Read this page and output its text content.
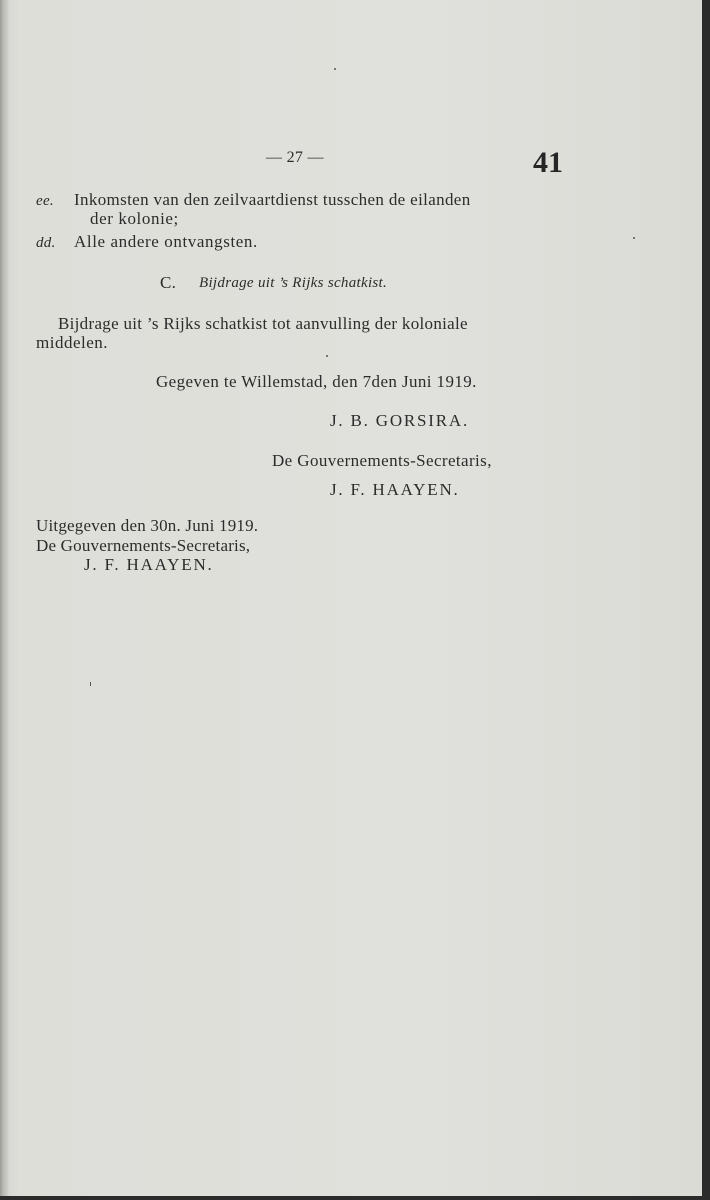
— 27 —	41
ee. Inkomsten van den zeilvaartdienst tusschen de eilanden
der kolonie;
dd. Alle andere ontvangsten.
C. Bijdrage uit ’s Rijks schatkist.
Bijdrage uit ’s Rijks schatkist tot aanvulling der koloniale
middelen.
Gegeven te Willemstad, den 7den Juni 1919.
J. B. GORSIRA.
De Gouvernements-Secretaris,
J. F. HAAYEN.
Uitgegeven den 30n. Juni 1919.
De Gouvernements-Secretaris,
J. F. HAAYEN.
